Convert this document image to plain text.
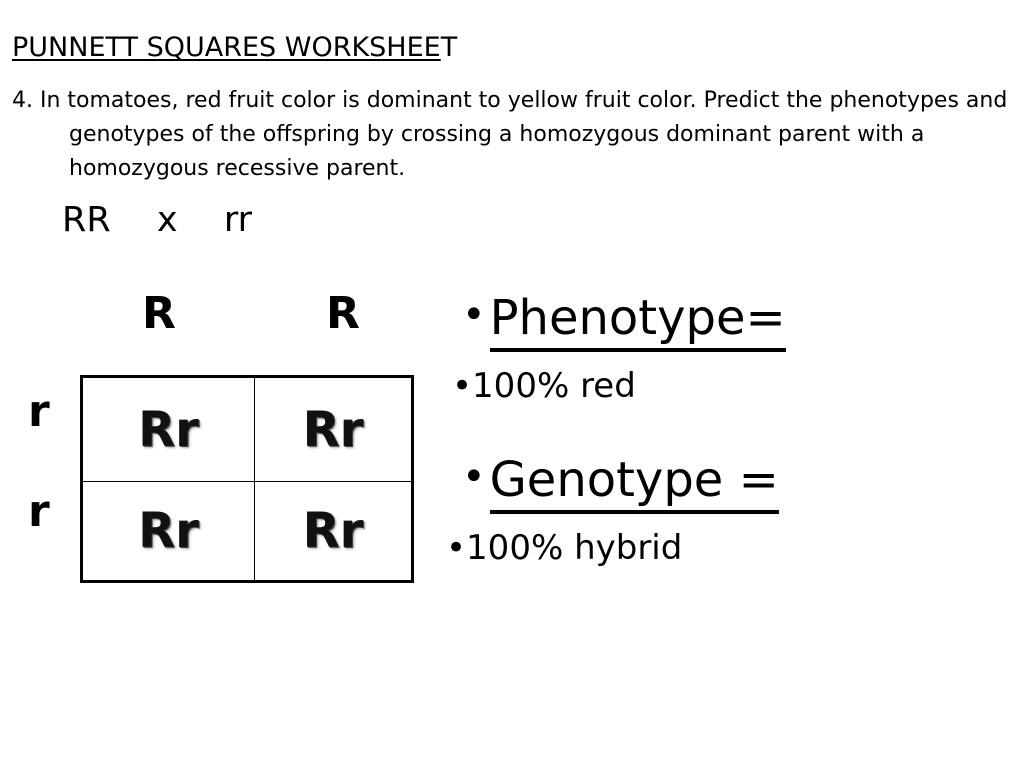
PUNNETT SQUARES WORKSHEET
4. In tomatoes, red fruit color is dominant to yellow fruit color. Predict the phenotypes and genotypes of the offspring by crossing a homozygous dominant parent with a homozygous recessive parent.
RR  x  rr
R	R
r
r
Rr	Rr
Rr	Rr
•Phenotype=
•100% red
•Genotype =
•100% hybrid
